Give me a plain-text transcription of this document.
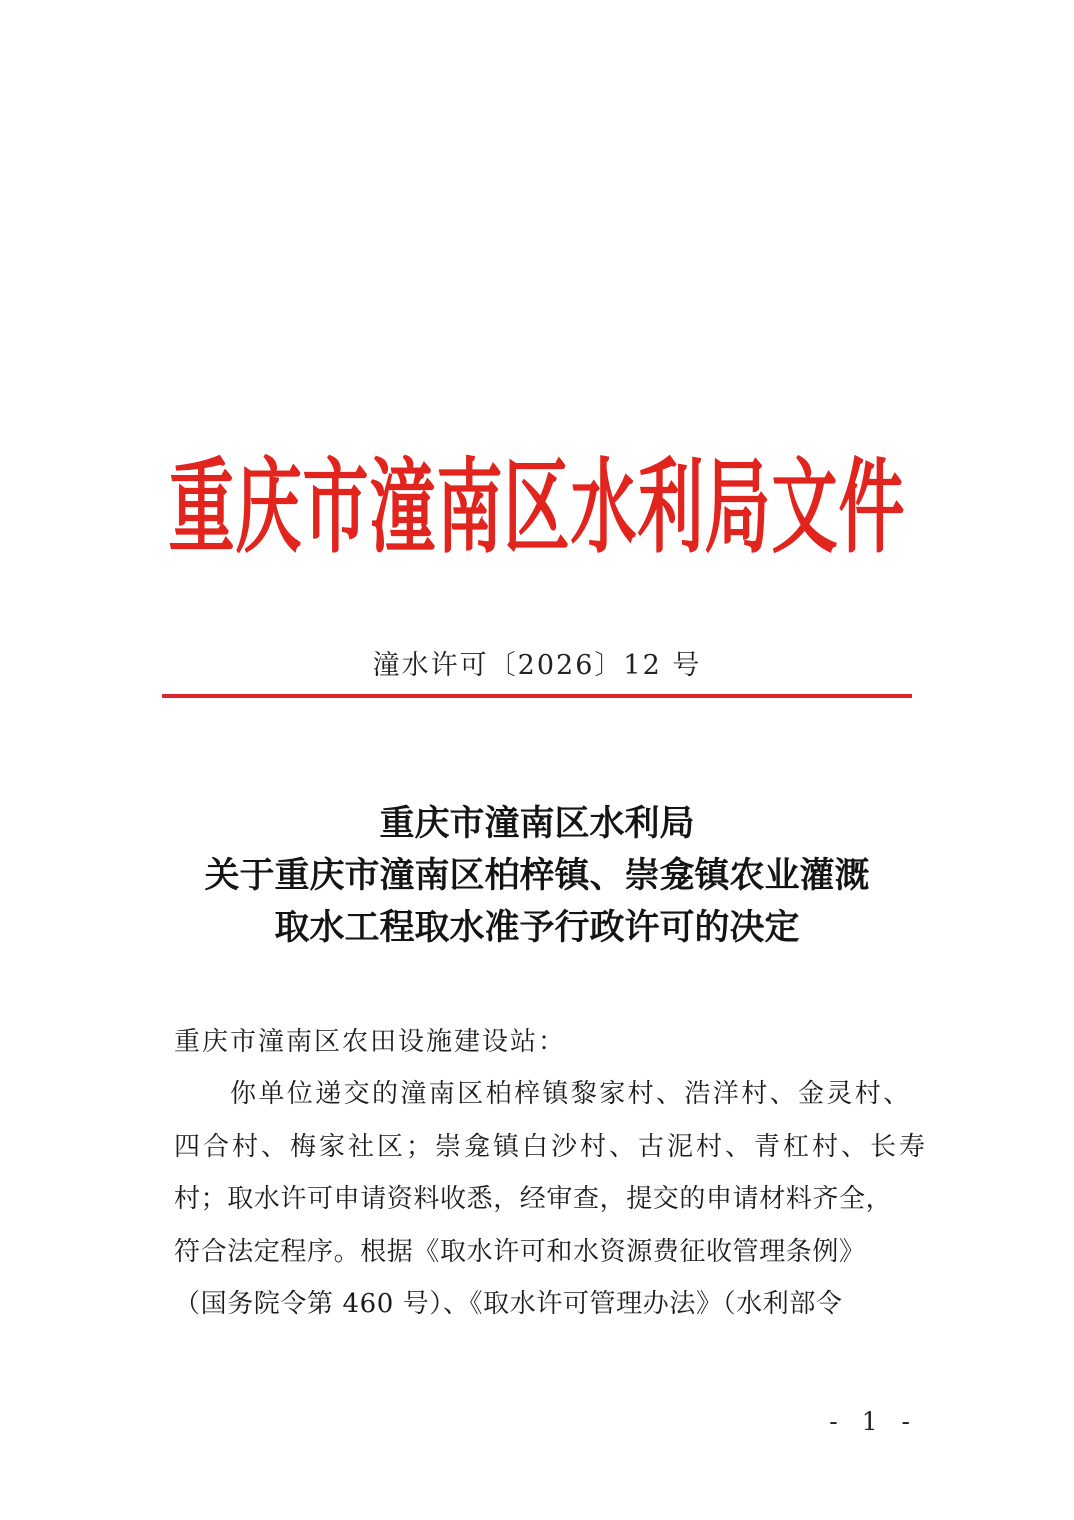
重庆市潼南区水利局文件
潼水许可〔2026〕12 号
重庆市潼南区水利局
关于重庆市潼南区柏梓镇、崇龛镇农业灌溉
取水工程取水准予行政许可的决定
重庆市潼南区农田设施建设站：
你单位递交的潼南区柏梓镇黎家村、浩洋村、金灵村、
四合村、梅家社区；崇龛镇白沙村、古泥村、青杠村、长寿
村；取水许可申请资料收悉，经审查，提交的申请材料齐全，
符合法定程序。根据《取水许可和水资源费征收管理条例》
（国务院令第 460 号）、《取水许可管理办法》（水利部令
- 1 -
